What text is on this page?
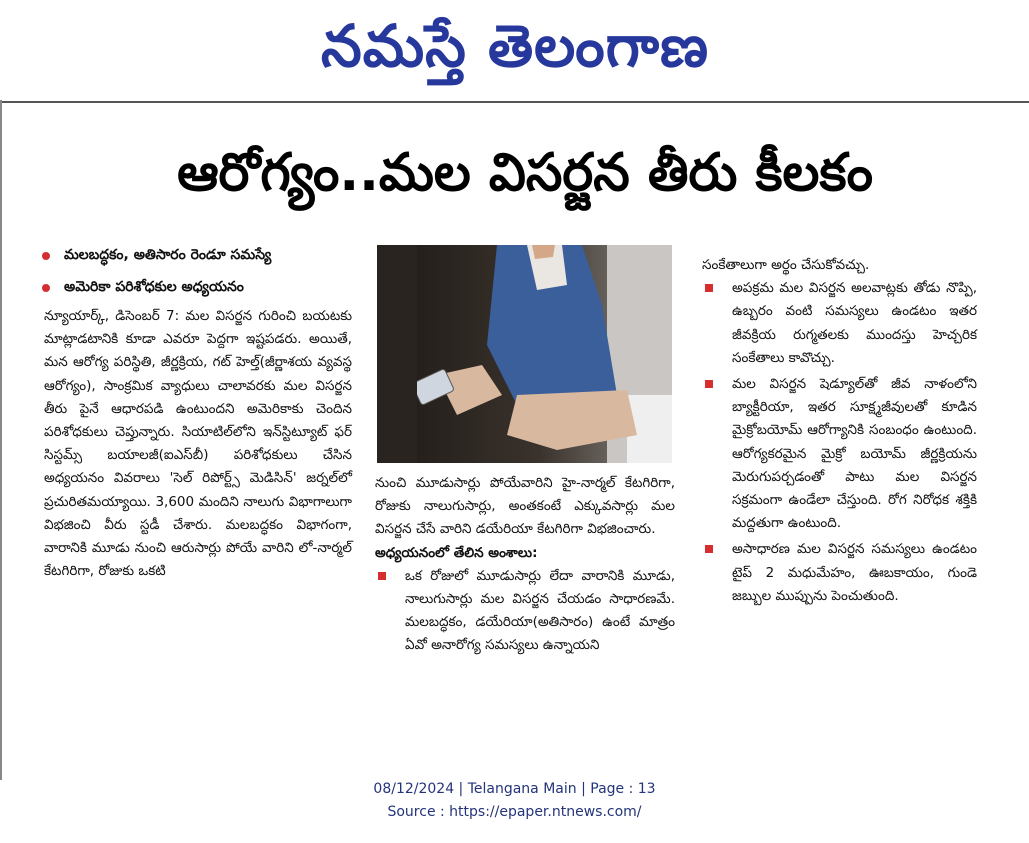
నమస్తే తెలంగాణ
ఆరోగ్యం..మల విసర్జన తీరు కీలకం
మలబద్ధకం, అతిసారం రెండూ సమస్యే
అమెరికా పరిశోధకుల అధ్యయనం

న్యూయార్క్, డిసెంబర్ 7: మల విసర్జన గురించి బయటకు మాట్లాడటానికి కూడా ఎవరూ పెద్దగా ఇష్టపడరు. అయితే, మన ఆరోగ్య పరిస్థితి, జీర్ణక్రియ, గట్ హెల్త్(జీర్ణాశయ వ్యవస్థ ఆరోగ్యం), సాంక్రమిక వ్యాధులు చాలావరకు మల విసర్జన తీరు పైనే ఆధారపడి ఉంటుందని అమెరికాకు చెందిన పరిశోధకులు చెప్తున్నారు. సియాటిల్‌లోని ఇన్‌స్టిట్యూట్ ఫర్ సిస్టమ్స్ బయాలజీ(ఐఎస్‌బీ) పరిశోధకులు చేసిన అధ్యయనం వివరాలు 'సెల్ రిపోర్ట్స్ మెడిసిన్' జర్నల్‌లో ప్రచురితమయ్యాయి. 3,600 మందిని నాలుగు విభాగాలుగా విభజించి వీరు స్టడీ చేశారు. మలబద్ధకం విభాగంగా, వారానికి మూడు నుంచి ఆరుసార్లు పోయే వారిని లో-నార్మల్ కేటగిరిగా, రోజుకు ఒకటి

నుంచి మూడుసార్లు పోయేవారిని హై-నార్మల్ కేటగిరిగా, రోజుకు నాలుగుసార్లు, అంతకంటే ఎక్కువసార్లు మల విసర్జన చేసే వారిని డయేరియా కేటగిరిగా విభజించారు.

అధ్యయనంలో తేలిన అంశాలు:

ఒక రోజులో మూడుసార్లు లేదా వారానికి మూడు, నాలుగుసార్లు మల విసర్జన చేయడం సాధారణమే. మలబద్ధకం, డయేరియా(అతిసారం) ఉంటే మాత్రం ఏవో అనారోగ్య సమస్యలు ఉన్నాయని

సంకేతాలుగా అర్థం చేసుకోవచ్చు.

అపక్రమ మల విసర్జన అలవాట్లకు తోడు నొప్పి, ఉబ్బరం వంటి సమస్యలు ఉండటం ఇతర జీవక్రియ రుగ్మతలకు ముందస్తు హెచ్చరిక సంకేతాలు కావొచ్చు.
మల విసర్జన షెడ్యూల్‌తో జీవ నాళంలోని బ్యాక్టీరియా, ఇతర సూక్ష్మజీవులతో కూడిన మైక్రోబయోమ్ ఆరోగ్యానికి సంబంధం ఉంటుంది. ఆరోగ్యకరమైన మైక్రో బయోమ్ జీర్ణక్రియను మెరుగుపర్చడంతో పాటు మల విసర్జన సక్రమంగా ఉండేలా చేస్తుంది. రోగ నిరోధక శక్తికి మద్దతుగా ఉంటుంది.
అసాధారణ మల విసర్జన సమస్యలు ఉండటం టైప్ 2 మధుమేహం, ఊబకాయం, గుండె జబ్బుల ముప్పును పెంచుతుంది.
08/12/2024 | Telangana Main | Page : 13
Source : https://epaper.ntnews.com/
